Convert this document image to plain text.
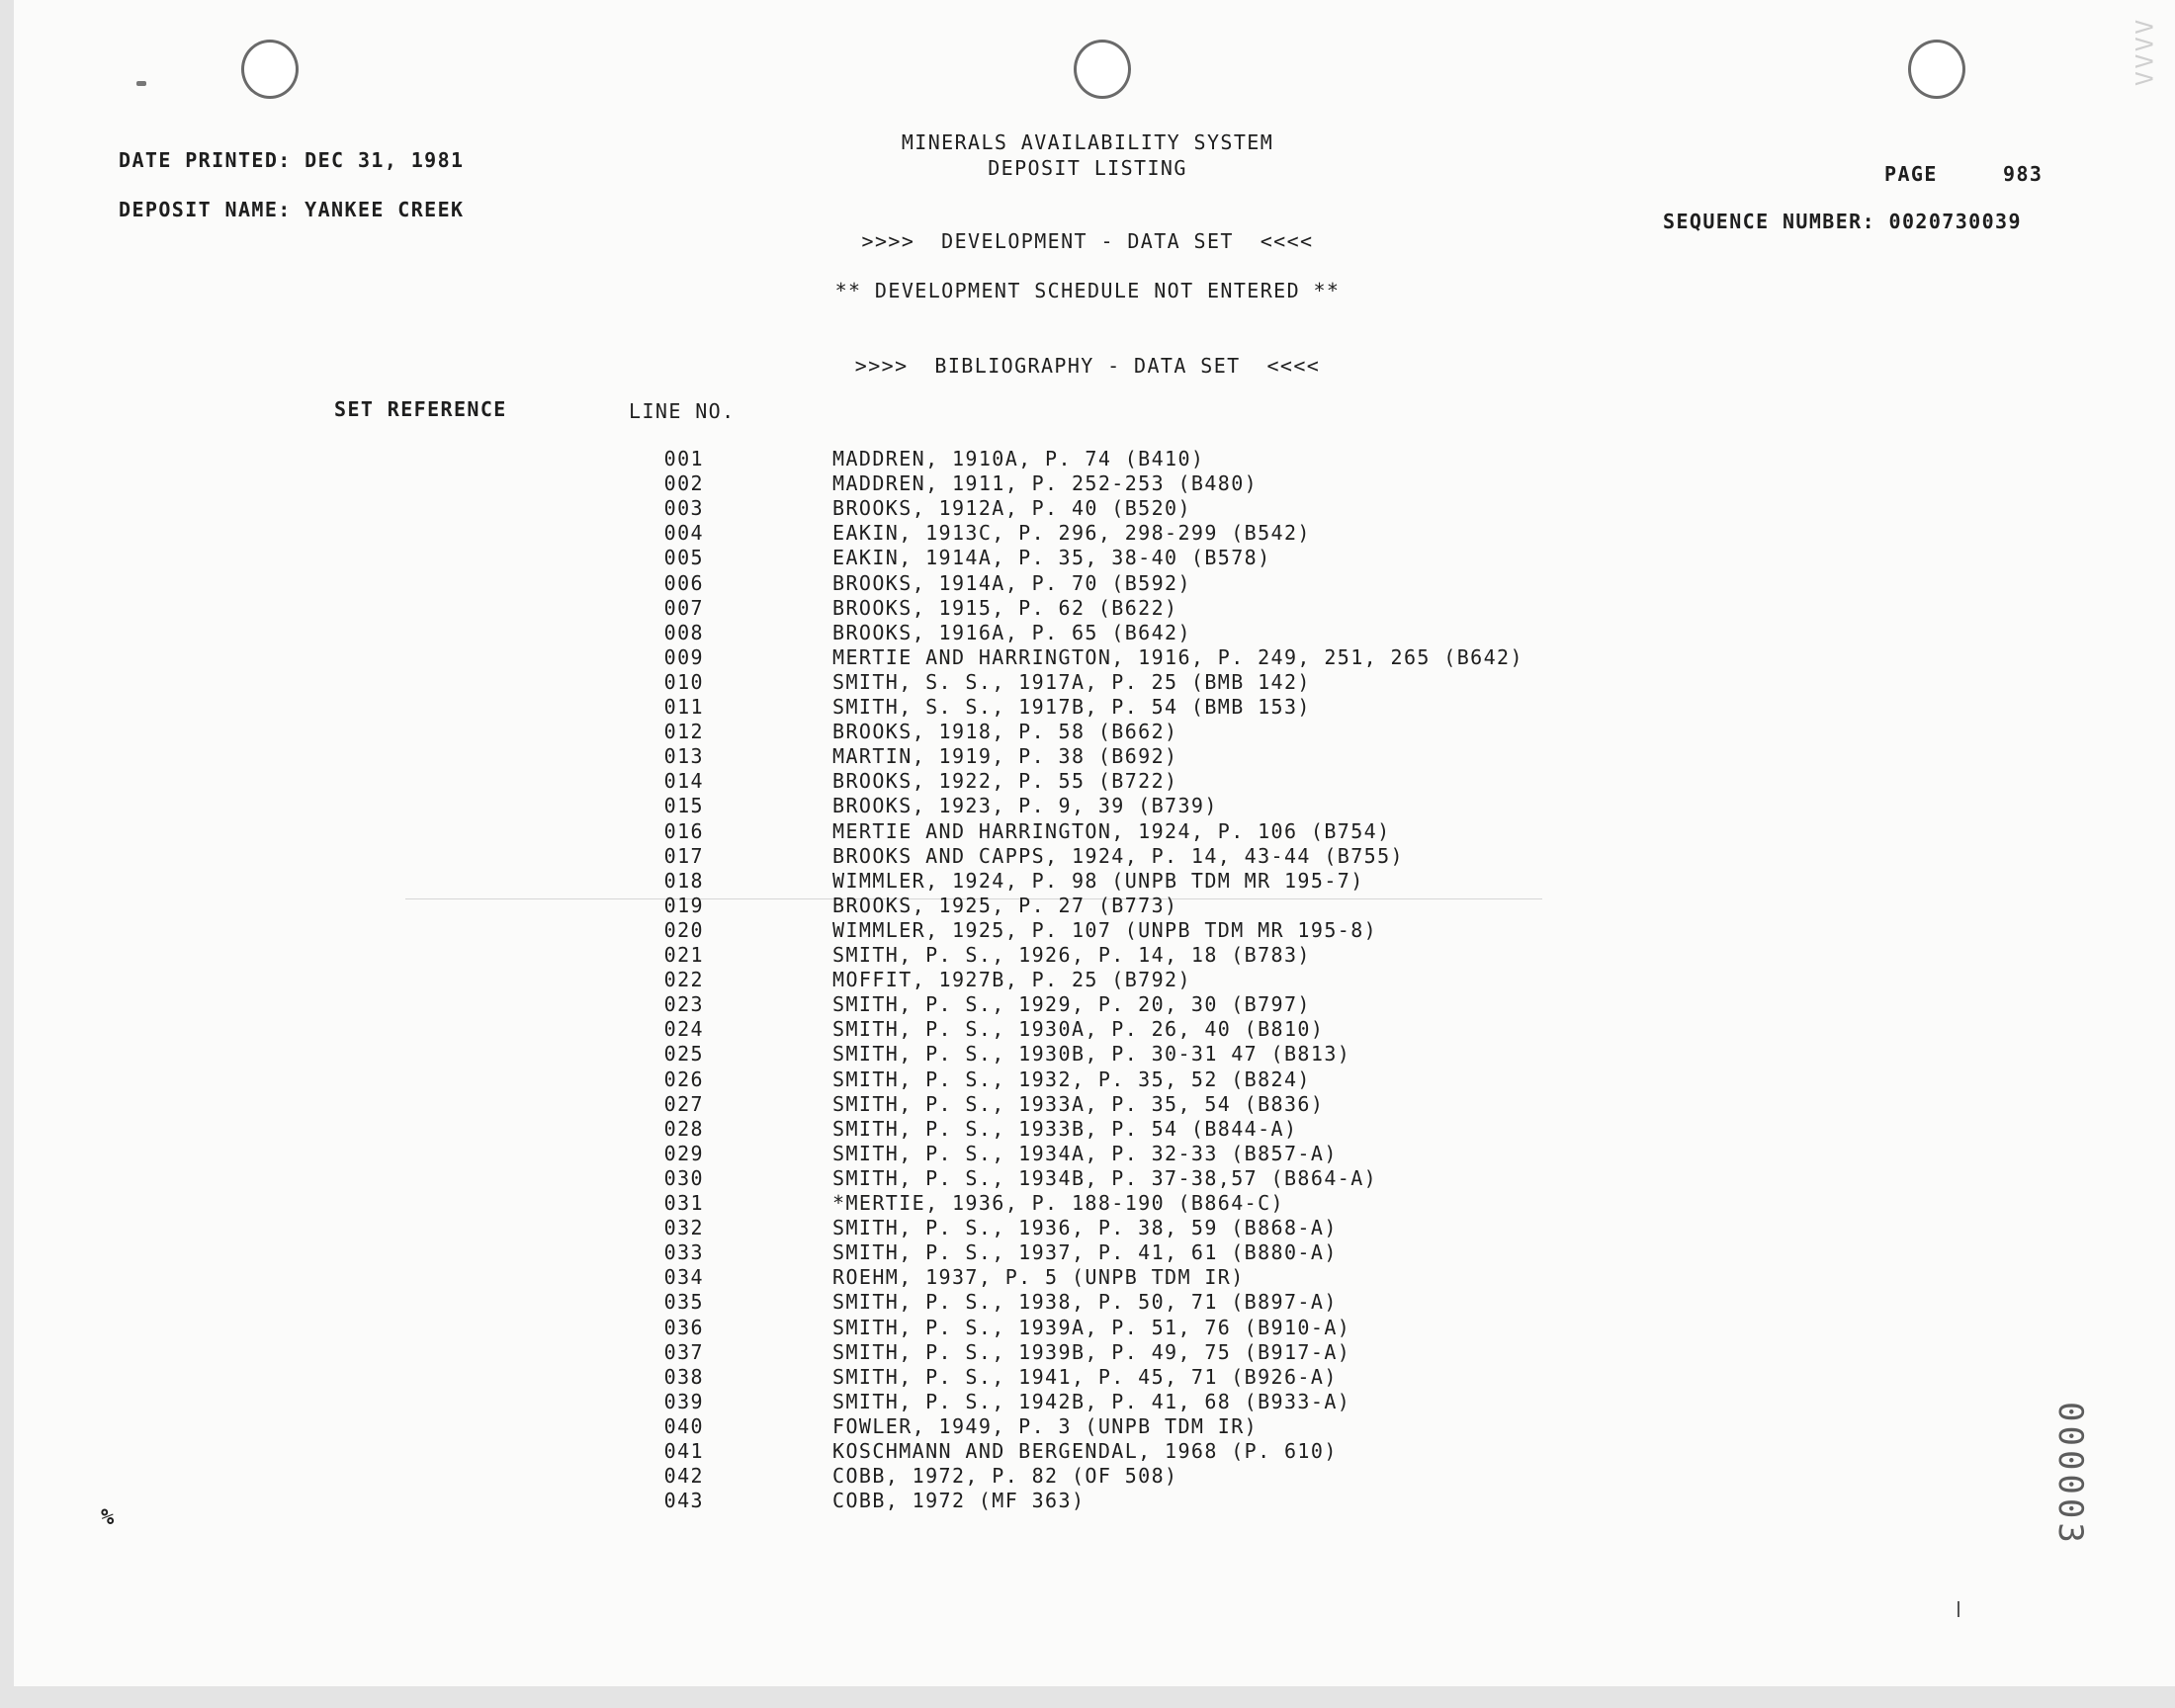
ΛΛΛΛ
DATE PRINTED: DEC 31, 1981
DEPOSIT NAME: YANKEE CREEK
MINERALS AVAILABILITY SYSTEM
DEPOSIT LISTING	PAGE	983
SEQUENCE NUMBER: 0020730039
>>>>  DEVELOPMENT - DATA SET  <<<<
** DEVELOPMENT SCHEDULE NOT ENTERED **
>>>>  BIBLIOGRAPHY - DATA SET  <<<<
SET REFERENCE	LINE NO.
001	MADDREN, 1910A, P. 74 (B410)
002	MADDREN, 1911, P. 252-253 (B480)
003	BROOKS, 1912A, P. 40 (B520)
004	EAKIN, 1913C, P. 296, 298-299 (B542)
005	EAKIN, 1914A, P. 35, 38-40 (B578)
006	BROOKS, 1914A, P. 70 (B592)
007	BROOKS, 1915, P. 62 (B622)
008	BROOKS, 1916A, P. 65 (B642)
009	MERTIE AND HARRINGTON, 1916, P. 249, 251, 265 (B642)
010	SMITH, S. S., 1917A, P. 25 (BMB 142)
011	SMITH, S. S., 1917B, P. 54 (BMB 153)
012	BROOKS, 1918, P. 58 (B662)
013	MARTIN, 1919, P. 38 (B692)
014	BROOKS, 1922, P. 55 (B722)
015	BROOKS, 1923, P. 9, 39 (B739)
016	MERTIE AND HARRINGTON, 1924, P. 106 (B754)
017	BROOKS AND CAPPS, 1924, P. 14, 43-44 (B755)
018	WIMMLER, 1924, P. 98 (UNPB TDM MR 195-7)
019	BROOKS, 1925, P. 27 (B773)
020	WIMMLER, 1925, P. 107 (UNPB TDM MR 195-8)
021	SMITH, P. S., 1926, P. 14, 18 (B783)
022	MOFFIT, 1927B, P. 25 (B792)
023	SMITH, P. S., 1929, P. 20, 30 (B797)
024	SMITH, P. S., 1930A, P. 26, 40 (B810)
025	SMITH, P. S., 1930B, P. 30-31 47 (B813)
026	SMITH, P. S., 1932, P. 35, 52 (B824)
027	SMITH, P. S., 1933A, P. 35, 54 (B836)
028	SMITH, P. S., 1933B, P. 54 (B844-A)
029	SMITH, P. S., 1934A, P. 32-33 (B857-A)
030	SMITH, P. S., 1934B, P. 37-38,57 (B864-A)
031	*MERTIE, 1936, P. 188-190 (B864-C)
032	SMITH, P. S., 1936, P. 38, 59 (B868-A)
033	SMITH, P. S., 1937, P. 41, 61 (B880-A)
034	ROEHM, 1937, P. 5 (UNPB TDM IR)
035	SMITH, P. S., 1938, P. 50, 71 (B897-A)
036	SMITH, P. S., 1939A, P. 51, 76 (B910-A)
037	SMITH, P. S., 1939B, P. 49, 75 (B917-A)
038	SMITH, P. S., 1941, P. 45, 71 (B926-A)
039	SMITH, P. S., 1942B, P. 41, 68 (B933-A)
040	FOWLER, 1949, P. 3 (UNPB TDM IR)
041	KOSCHMANN AND BERGENDAL, 1968 (P. 610)
042	COBB, 1972, P. 82 (OF 508)
043	COBB, 1972 (MF 363)
%	000003
